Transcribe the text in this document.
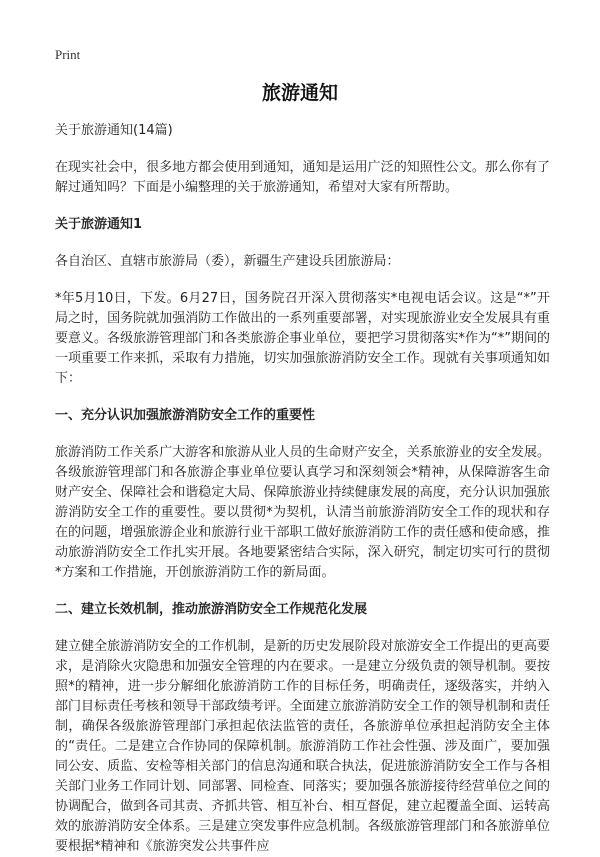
Print
旅游通知

关于旅游通知(14篇)

在现实社会中，很多地方都会使用到通知，通知是运用广泛的知照性公文。那么你有了解过通知吗？下面是小编整理的关于旅游通知，希望对大家有所帮助。

关于旅游通知1

各自治区、直辖市旅游局（委），新疆生产建设兵团旅游局：

*年5月10日，下发。6月27日，国务院召开深入贯彻落实*电视电话会议。这是“*”开局之时，国务院就加强消防工作做出的一系列重要部署，对实现旅游业安全发展具有重要意义。各级旅游管理部门和各类旅游企事业单位，要把学习贯彻落实*作为“*”期间的一项重要工作来抓，采取有力措施，切实加强旅游消防安全工作。现就有关事项通知如下：

一、充分认识加强旅游消防安全工作的重要性

旅游消防工作关系广大游客和旅游从业人员的生命财产安全，关系旅游业的安全发展。各级旅游管理部门和各旅游企事业单位要认真学习和深刻领会*精神，从保障游客生命财产安全、保障社会和谐稳定大局、保障旅游业持续健康发展的高度，充分认识加强旅游消防安全工作的重要性。要以贯彻*为契机，认清当前旅游消防安全工作的现状和存在的问题，增强旅游企业和旅游行业干部职工做好旅游消防工作的责任感和使命感，推动旅游消防安全工作扎实开展。各地要紧密结合实际，深入研究，制定切实可行的贯彻*方案和工作措施，开创旅游消防工作的新局面。

二、建立长效机制，推动旅游消防安全工作规范化发展

建立健全旅游消防安全的工作机制，是新的历史发展阶段对旅游安全工作提出的更高要求，是消除火灾隐患和加强安全管理的内在要求。一是建立分级负责的领导机制。要按照*的精神，进一步分解细化旅游消防工作的目标任务，明确责任，逐级落实，并纳入部门目标责任考核和领导干部政绩考评。全面建立旅游消防安全工作的领导机制和责任制，确保各级旅游管理部门承担起依法监管的责任，各旅游单位承担起消防安全主体的“责任。二是建立合作协同的保障机制。旅游消防工作社会性强、涉及面广，要加强同公安、质监、安检等相关部门的信息沟通和联合执法，促进旅游消防安全工作与各相关部门业务工作同计划、同部署、同检查、同落实；要加强各旅游接待经营单位之间的协调配合，做到各司其责、齐抓共管、相互补台、相互督促，建立起覆盖全面、运转高效的旅游消防安全体系。三是建立突发事件应急机制。各级旅游管理部门和各旅游单位要根据*精神和《旅游突发公共事件应
